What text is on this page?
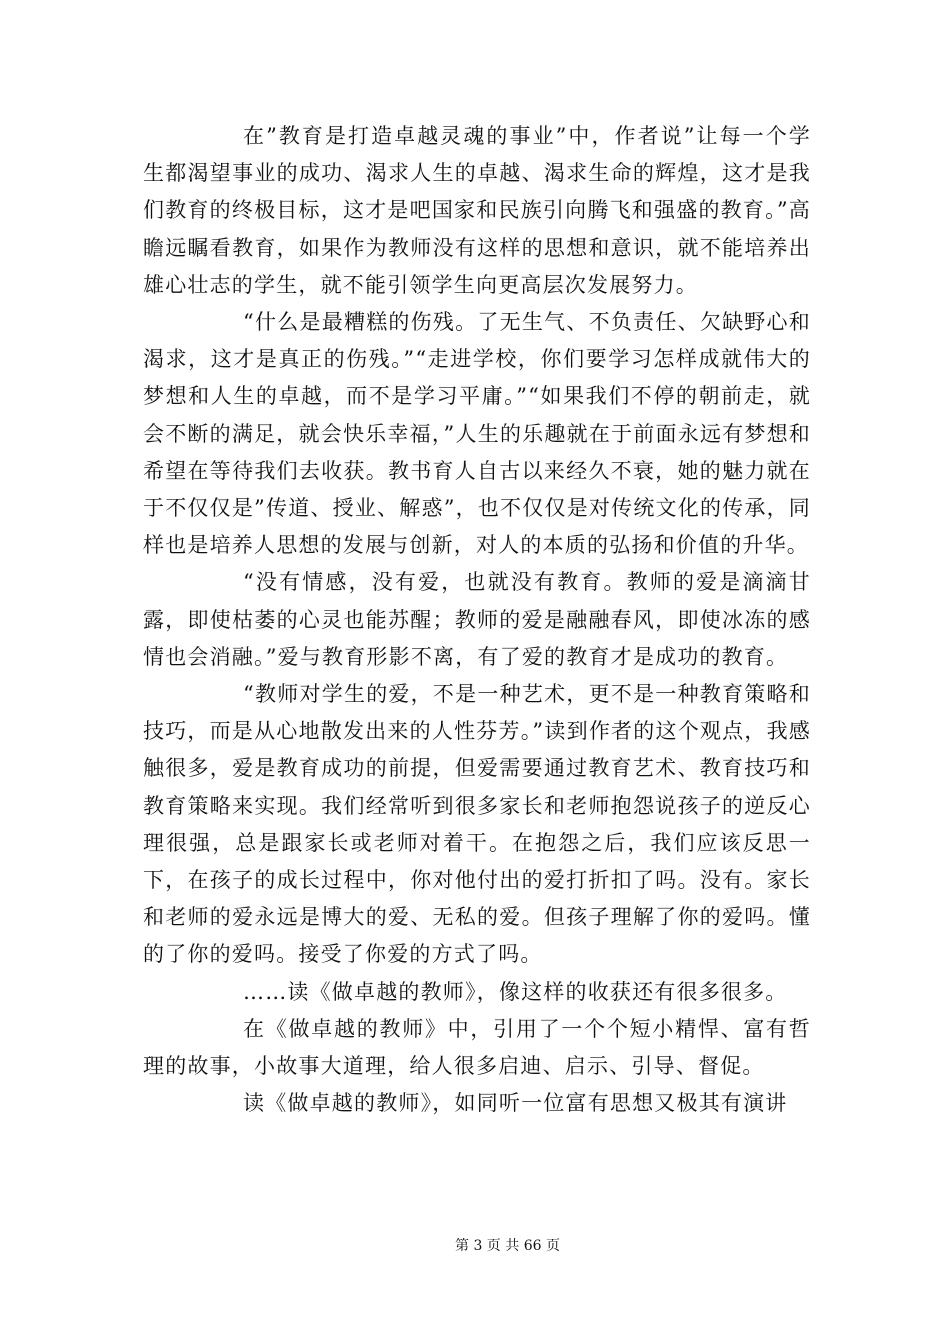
在”教育是打造卓越灵魂的事业”中，作者说”让每一个学生都渴望事业的成功、渴求人生的卓越、渴求生命的辉煌，这才是我们教育的终极目标，这才是吧国家和民族引向腾飞和强盛的教育。”高瞻远瞩看教育，如果作为教师没有这样的思想和意识，就不能培养出雄心壮志的学生，就不能引领学生向更高层次发展努力。

“什么是最糟糕的伤残。了无生气、不负责任、欠缺野心和渴求，这才是真正的伤残。”“走进学校，你们要学习怎样成就伟大的梦想和人生的卓越，而不是学习平庸。”“如果我们不停的朝前走，就会不断的满足，就会快乐幸福，”人生的乐趣就在于前面永远有梦想和希望在等待我们去收获。教书育人自古以来经久不衰，她的魅力就在于不仅仅是”传道、授业、解惑”，也不仅仅是对传统文化的传承，同样也是培养人思想的发展与创新，对人的本质的弘扬和价值的升华。

“没有情感，没有爱，也就没有教育。教师的爱是滴滴甘露，即使枯萎的心灵也能苏醒；教师的爱是融融春风，即使冰冻的感情也会消融。”爱与教育形影不离，有了爱的教育才是成功的教育。

“教师对学生的爱，不是一种艺术，更不是一种教育策略和技巧，而是从心地散发出来的人性芬芳。”读到作者的这个观点，我感触很多，爱是教育成功的前提，但爱需要通过教育艺术、教育技巧和教育策略来实现。我们经常听到很多家长和老师抱怨说孩子的逆反心理很强，总是跟家长或老师对着干。在抱怨之后，我们应该反思一下，在孩子的成长过程中，你对他付出的爱打折扣了吗。没有。家长和老师的爱永远是博大的爱、无私的爱。但孩子理解了你的爱吗。懂的了你的爱吗。接受了你爱的方式了吗。

……读《做卓越的教师》，像这样的收获还有很多很多。

在《做卓越的教师》中，引用了一个个短小精悍、富有哲理的故事，小故事大道理，给人很多启迪、启示、引导、督促。

读《做卓越的教师》，如同听一位富有思想又极其有演讲

第 3 页 共 66 页
